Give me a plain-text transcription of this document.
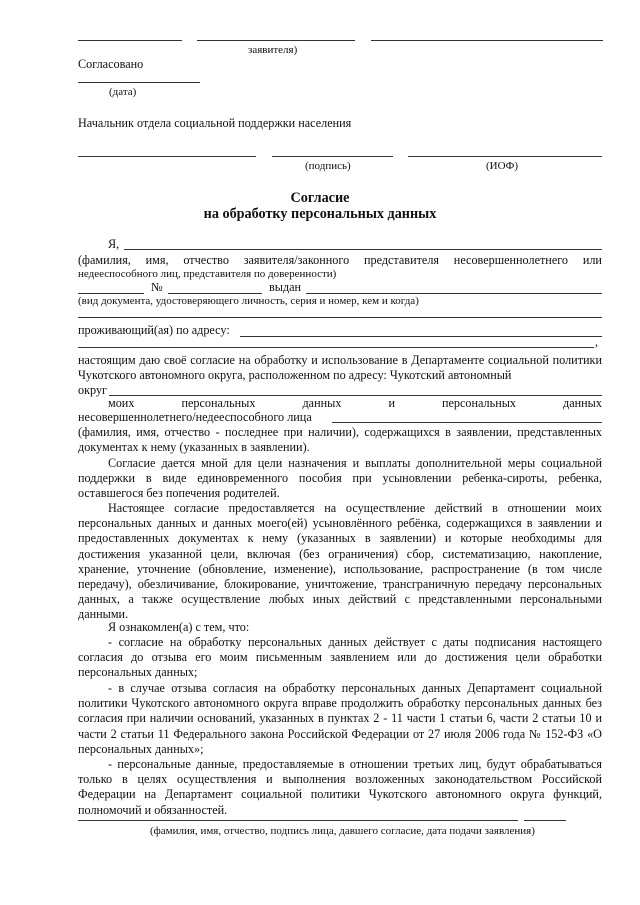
заявителя)
Согласовано
(дата)
Начальник отдела социальной поддержки населения
(подпись)	(ИОФ)
Согласие
на обработку персональных данных
Я,
(фамилия, имя, отчество заявителя/законного представителя несовершеннолетнего или
недееспособного лиц, представителя по доверенности)
№	выдан
(вид документа, удостоверяющего личность, серия и номер, кем и когда)
проживающий(ая) по адресу:
,
настоящим даю своё согласие на обработку и использование в Департаменте социальной политики Чукотского автономного округа, расположенном по адресу: Чукотский автономный
округ
моих	персональных	данных	и	персональных	данных
несовершеннолетнего/недееспособного лица
(фамилия, имя, отчество - последнее при наличии), содержащихся в заявлении, представленных документах к нему (указанных в заявлении).
Согласие дается мной для цели назначения и выплаты дополнительной меры социальной поддержки в виде единовременного пособия при усыновлении ребенка-сироты, ребенка, оставшегося без попечения родителей.
Настоящее согласие предоставляется на осуществление действий в отношении моих персональных данных и данных моего(ей) усыновлённого ребёнка, содержащихся в заявлении и предоставленных документах к нему (указанных в заявлении) и которые необходимы для достижения указанной цели, включая (без ограничения) сбор, систематизацию, накопление, хранение, уточнение (обновление, изменение), использование, распространение (в том числе передачу), обезличивание, блокирование, уничтожение, трансграничную передачу персональных данных, а также осуществление любых иных действий с представленными персональными данными.
Я ознакомлен(а) с тем, что:
- согласие на обработку персональных данных действует с даты подписания настоящего согласия до отзыва его моим письменным заявлением или до достижения цели обработки персональных данных;
- в случае отзыва согласия на обработку персональных данных Департамент социальной политики Чукотского автономного округа вправе продолжить обработку персональных данных без согласия при наличии оснований, указанных в пунктах 2 - 11 части 1 статьи 6, части 2 статьи 10 и части 2 статьи 11 Федерального закона Российской Федерации от 27 июля 2006 года № 152-ФЗ «О персональных данных»;
- персональные данные, предоставляемые в отношении третьих лиц, будут обрабатываться только в целях осуществления и выполнения возложенных законодательством Российской Федерации на Департамент социальной политики Чукотского автономного округа функций, полномочий и обязанностей.
(фамилия, имя, отчество, подпись лица, давшего согласие, дата подачи заявления)
